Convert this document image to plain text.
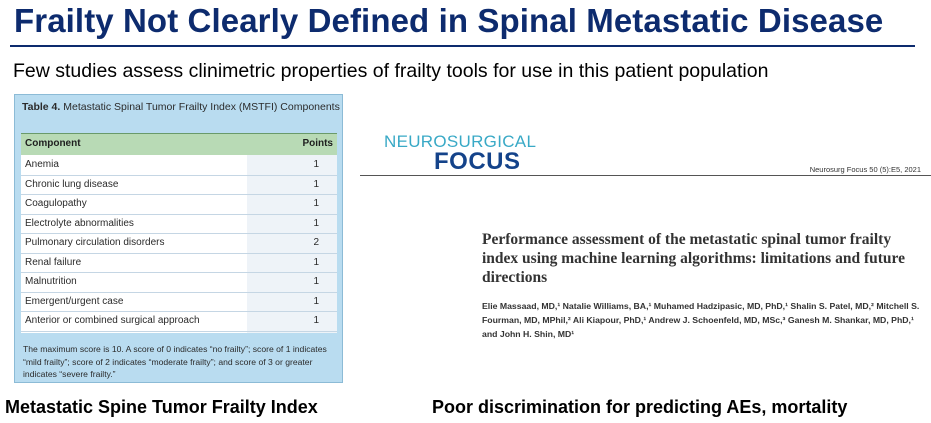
Frailty Not Clearly Defined in Spinal Metastatic Disease
Few studies assess clinimetric properties of frailty tools for use in this patient population
Table 4. Metastatic Spinal Tumor Frailty Index (MSTFI) Components
Component	Points
Anemia	1
Chronic lung disease	1
Coagulopathy	1
Electrolyte abnormalities	1
Pulmonary circulation disorders	2
Renal failure	1
Malnutrition	1
Emergent/urgent case	1
Anterior or combined surgical approach	1
The maximum score is 10. A score of 0 indicates “no frailty”; score of 1 indicates “mild frailty”; score of 2 indicates “moderate frailty”; and score of 3 or greater indicates “severe frailty.”
Metastatic Spine Tumor Frailty Index
NEUROSURGICAL
FOCUS	Neurosurg Focus 50 (5):E5, 2021
Performance assessment of the metastatic spinal tumor frailty index using machine learning algorithms: limitations and future directions
Elie Massaad, MD,¹ Natalie Williams, BA,¹ Muhamed Hadzipasic, MD, PhD,¹ Shalin S. Patel, MD,² Mitchell S. Fourman, MD, MPhil,² Ali Kiapour, PhD,¹ Andrew J. Schoenfeld, MD, MSc,³ Ganesh M. Shankar, MD, PhD,¹ and John H. Shin, MD¹
Poor discrimination for predicting AEs, mortality
